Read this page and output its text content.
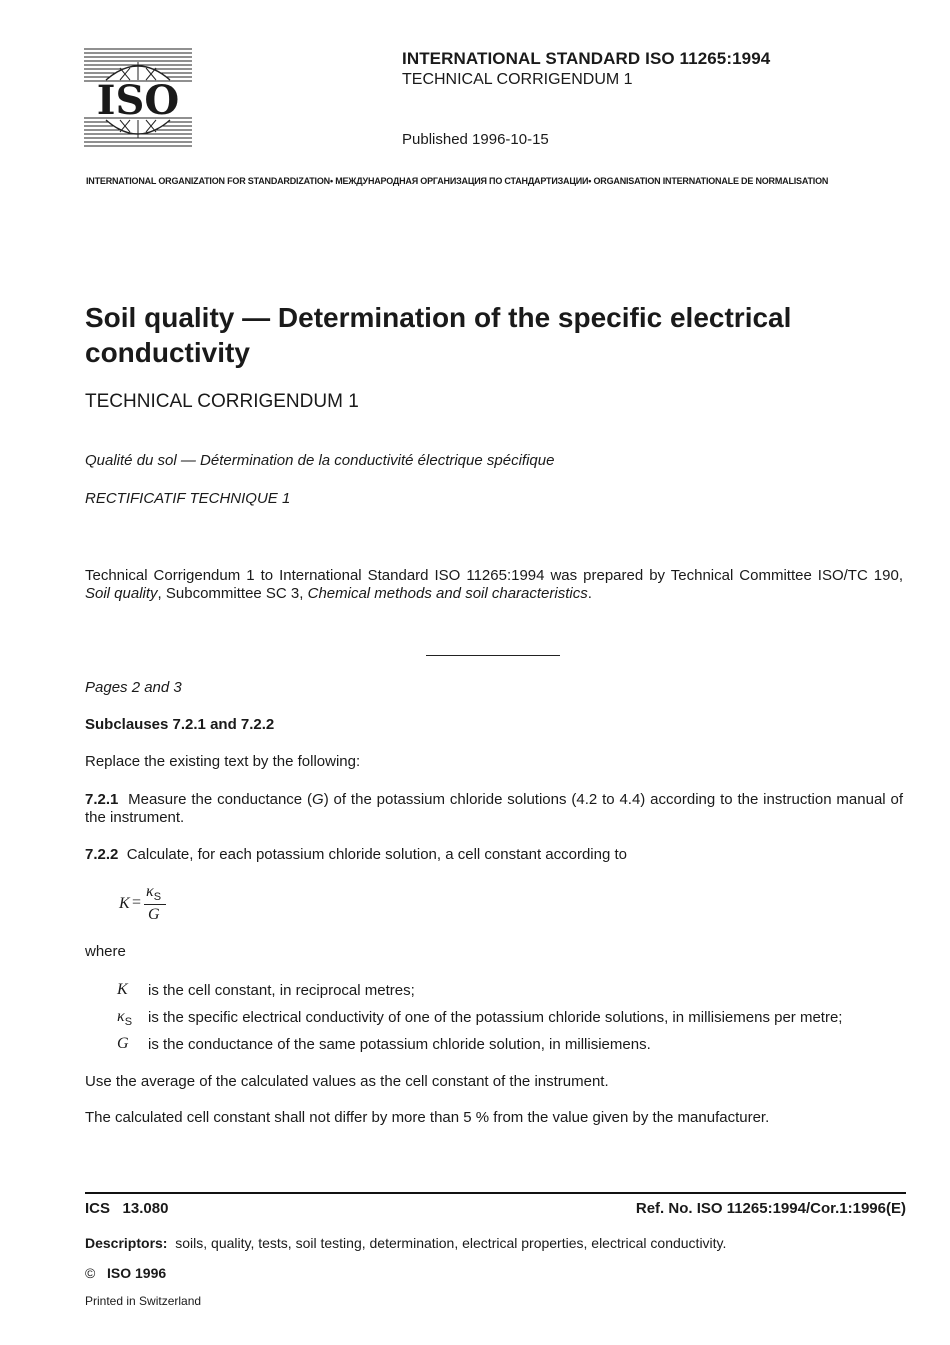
ISO
INTERNATIONAL STANDARD ISO 11265:1994
TECHNICAL CORRIGENDUM 1
Published 1996-10-15
INTERNATIONAL ORGANIZATION FOR STANDARDIZATION• МЕЖДУНАРОДНАЯ ОРГАНИЗАЦИЯ ПО СТАНДАРТИЗАЦИИ• ORGANISATION INTERNATIONALE DE NORMALISATION
Soil quality — Determination of the specific electrical conductivity
TECHNICAL CORRIGENDUM 1
Qualité du sol — Détermination de la conductivité électrique spécifique
RECTIFICATIF TECHNIQUE 1
Technical Corrigendum 1 to International Standard ISO 11265:1994 was prepared by Technical Committee ISO/TC 190, Soil quality, Subcommittee SC 3, Chemical methods and soil characteristics.
Pages 2 and 3
Subclauses 7.2.1 and 7.2.2
Replace the existing text by the following:
7.2.1 Measure the conductance (G) of the potassium chloride solutions (4.2 to 4.4) according to the instruction manual of the instrument.
7.2.2 Calculate, for each potassium chloride solution, a cell constant according to
K =
$\kappa_S$
G
where
K	is the cell constant, in reciprocal metres;
$\kappa_S$	is the specific electrical conductivity of one of the potassium chloride solutions, in millisiemens per metre;
G	is the conductance of the same potassium chloride solution, in millisiemens.
Use the average of the calculated values as the cell constant of the instrument.
The calculated cell constant shall not differ by more than 5 % from the value given by the manufacturer.
ICS 13.080	Ref. No. ISO 11265:1994/Cor.1:1996(E)
Descriptors: soils, quality, tests, soil testing, determination, electrical properties, electrical conductivity.
© ISO 1996
Printed in Switzerland
